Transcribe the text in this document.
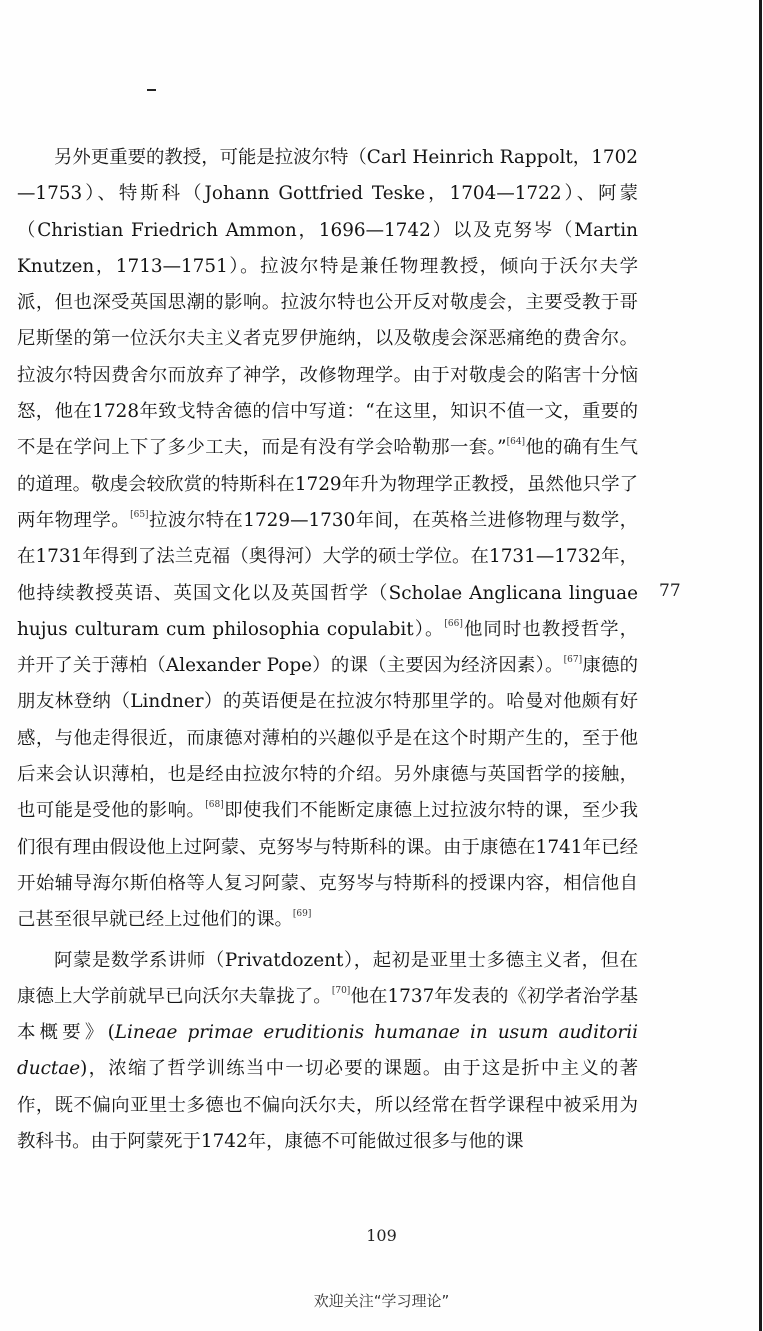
另外更重要的教授，可能是拉波尔特（Carl Heinrich Rappolt，1702—1753）、特斯科（Johann Gottfried Teske，1704—1722）、阿蒙（Christian Friedrich Ammon，1696—1742）以及克努岑（Martin Knutzen，1713—1751）。拉波尔特是兼任物理教授，倾向于沃尔夫学派，但也深受英国思潮的影响。拉波尔特也公开反对敬虔会，主要受教于哥尼斯堡的第一位沃尔夫主义者克罗伊施纳，以及敬虔会深恶痛绝的费舍尔。拉波尔特因费舍尔而放弃了神学，改修物理学。由于对敬虔会的陷害十分恼怒，他在1728年致戈特舍德的信中写道：“在这里，知识不值一文，重要的不是在学问上下了多少工夫，而是有没有学会哈勒那一套。”[64]他的确有生气的道理。敬虔会较欣赏的特斯科在1729年升为物理学正教授，虽然他只学了两年物理学。[65]拉波尔特在1729—1730年间，在英格兰进修物理与数学，在1731年得到了法兰克福（奥得河）大学的硕士学位。在1731—1732年，他持续教授英语、英国文化以及英国哲学（Scholae Anglicana linguae hujus culturam cum philosophia copulabit）。[66]他同时也教授哲学，并开了关于薄柏（Alexander Pope）的课（主要因为经济因素）。[67]康德的朋友林登纳（Lindner）的英语便是在拉波尔特那里学的。哈曼对他颇有好感，与他走得很近，而康德对薄柏的兴趣似乎是在这个时期产生的，至于他后来会认识薄柏，也是经由拉波尔特的介绍。另外康德与英国哲学的接触，也可能是受他的影响。[68]即使我们不能断定康德上过拉波尔特的课，至少我们很有理由假设他上过阿蒙、克努岑与特斯科的课。由于康德在1741年已经开始辅导海尔斯伯格等人复习阿蒙、克努岑与特斯科的授课内容，相信他自己甚至很早就已经上过他们的课。[69]

阿蒙是数学系讲师（Privatdozent），起初是亚里士多德主义者，但在康德上大学前就早已向沃尔夫靠拢了。[70]他在1737年发表的《初学者治学基本概要》(Lineae primae eruditionis humanae in usum auditorii ductae)，浓缩了哲学训练当中一切必要的课题。由于这是折中主义的著作，既不偏向亚里士多德也不偏向沃尔夫，所以经常在哲学课程中被采用为教科书。由于阿蒙死于1742年，康德不可能做过很多与他的课

77
109
欢迎关注“学习理论”
